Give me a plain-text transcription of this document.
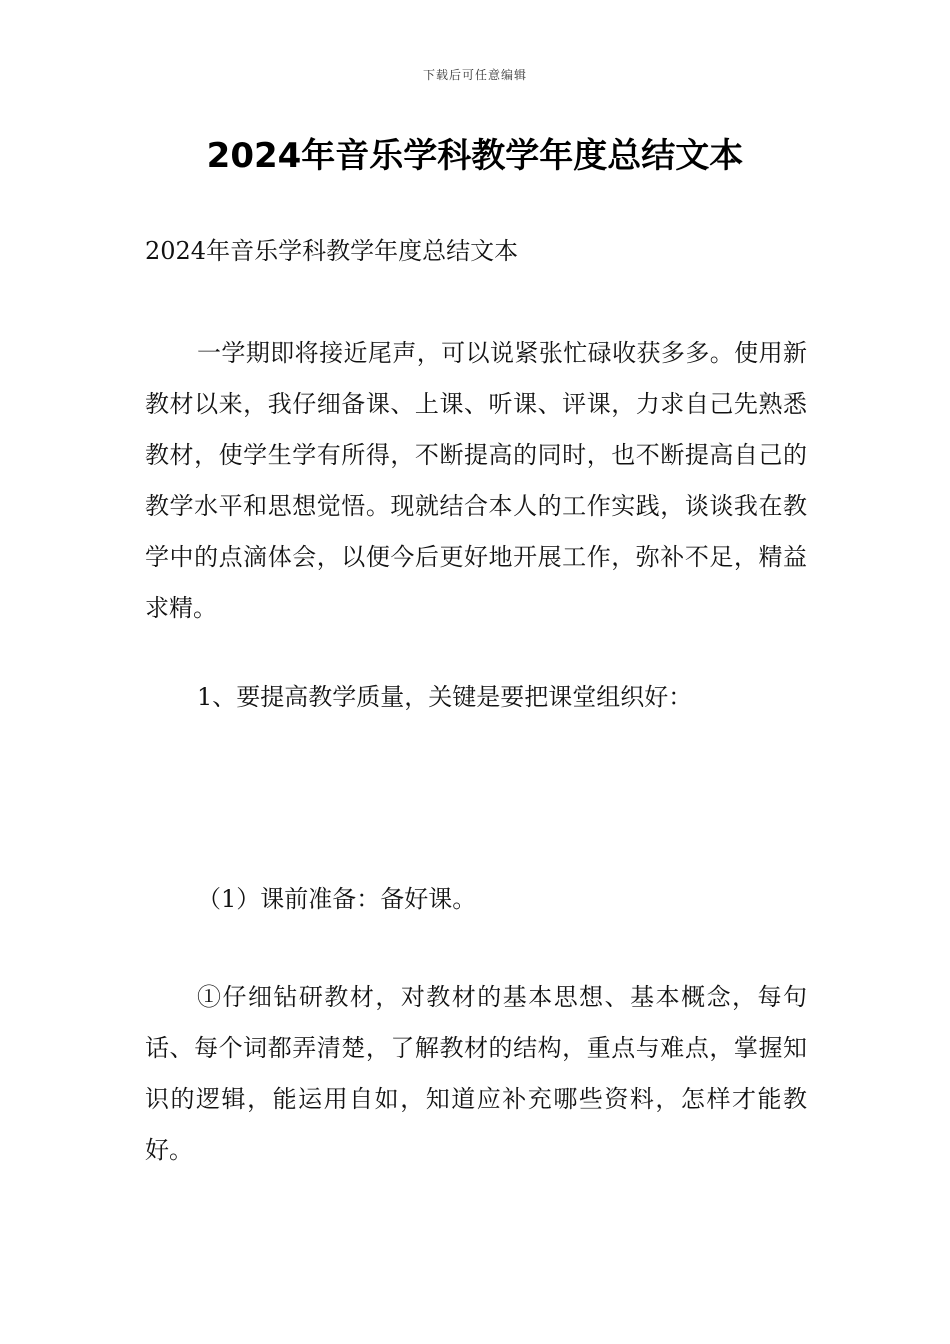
下载后可任意编辑
2024年音乐学科教学年度总结文本

2024年音乐学科教学年度总结文本

一学期即将接近尾声，可以说紧张忙碌收获多多。使用新教材以来，我仔细备课、上课、听课、评课，力求自己先熟悉教材，使学生学有所得，不断提高的同时，也不断提高自己的教学水平和思想觉悟。现就结合本人的工作实践，谈谈我在教学中的点滴体会，以便今后更好地开展工作，弥补不足，精益求精。

1、要提高教学质量，关键是要把课堂组织好：

（1）课前准备：备好课。

①仔细钻研教材，对教材的基本思想、基本概念，每句话、每个词都弄清楚，了解教材的结构，重点与难点，掌握知识的逻辑，能运用自如，知道应补充哪些资料，怎样才能教好。
